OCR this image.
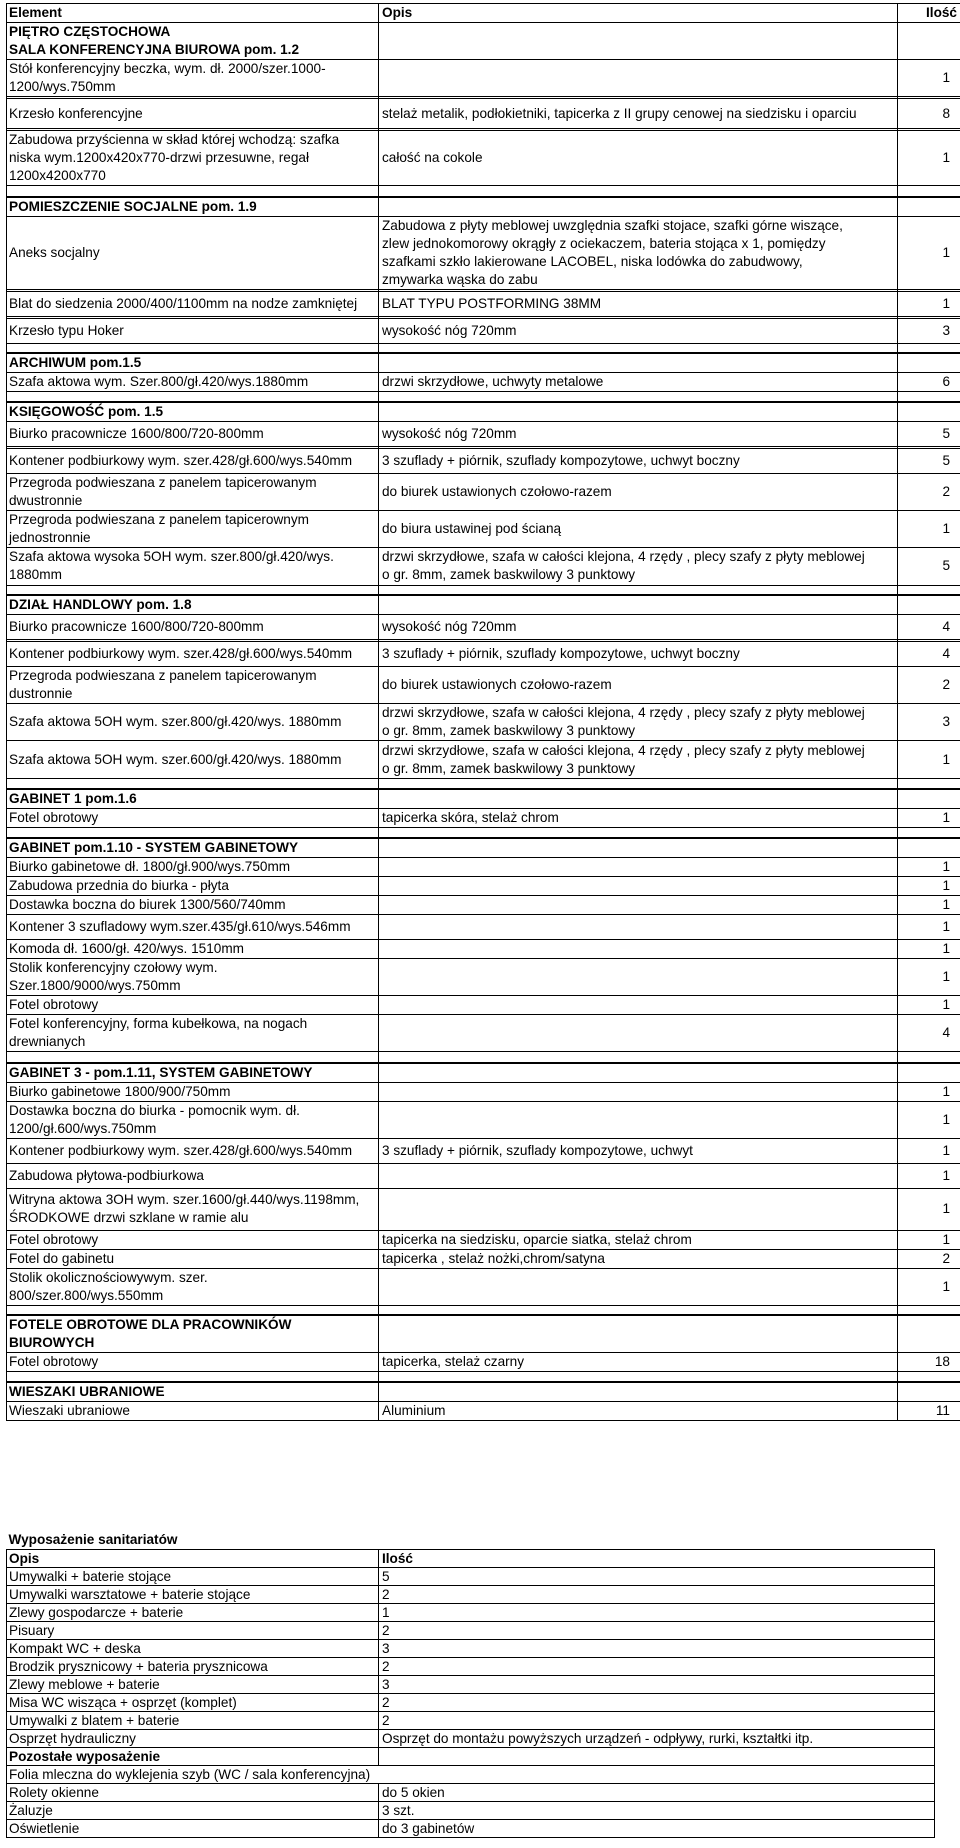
Element	Opis	Ilość
PIĘTRO CZĘSTOCHOWA
SALA KONFERENCYJNA BIUROWA pom. 1.2		
Stół konferencyjny beczka, wym. dł. 2000/szer.1000-
1200/wys.750mm		1

Krzesło konferencyjne	stelaż metalik, podłokietniki, tapicerka z II grupy cenowej na siedzisku i oparciu	8

Zabudowa przyścienna w skład której wchodzą: szafka
niska wym.1200x420x770-drzwi przesuwne, regał
1200x4200x770	całość na cokole	1

POMIESZCZENIE SOCJALNE pom. 1.9		
Aneks socjalny	Zabudowa z płyty meblowej uwzględnia szafki stojace, szafki górne wiszące,
zlew jednokomorowy okrągły z ociekaczem, bateria stojąca x 1, pomiędzy
szafkami szkło lakierowane LACOBEL, niska lodówka do zabudwowy,
zmywarka wąska do zabu	1

Blat do siedzenia 2000/400/1100mm na nodze zamkniętej	BLAT TYPU POSTFORMING 38MM	1

Krzesło typu Hoker	wysokość nóg 720mm	3

ARCHIWUM pom.1.5		
Szafa aktowa wym. Szer.800/gł.420/wys.1880mm	drzwi skrzydłowe, uchwyty metalowe	6

KSIĘGOWOŚĆ pom. 1.5		
Biurko pracownicze 1600/800/720-800mm	wysokość nóg 720mm	5

Kontener podbiurkowy wym. szer.428/gł.600/wys.540mm	3 szuflady + piórnik, szuflady kompozytowe, uchwyt boczny	5
Przegroda podwieszana z panelem tapicerowanym
dwustronnie	do biurek ustawionych czołowo-razem	2
Przegroda podwieszana z panelem tapicerownym
jednostronnie	do biura ustawinej pod ścianą	1
Szafa aktowa wysoka 5OH wym. szer.800/gł.420/wys.
1880mm	drzwi skrzydłowe, szafa w całości klejona, 4 rzędy , plecy szafy z płyty meblowej
o gr. 8mm, zamek baskwilowy 3 punktowy	5

DZIAŁ HANDLOWY pom. 1.8		
Biurko pracownicze 1600/800/720-800mm	wysokość nóg 720mm	4

Kontener podbiurkowy wym. szer.428/gł.600/wys.540mm	3 szuflady + piórnik, szuflady kompozytowe, uchwyt boczny	4
Przegroda podwieszana z panelem tapicerowanym
dustronnie	do biurek ustawionych czołowo-razem	2
Szafa aktowa 5OH wym. szer.800/gł.420/wys. 1880mm	drzwi skrzydłowe, szafa w całości klejona, 4 rzędy , plecy szafy z płyty meblowej
o gr. 8mm, zamek baskwilowy 3 punktowy	3
Szafa aktowa 5OH wym. szer.600/gł.420/wys. 1880mm	drzwi skrzydłowe, szafa w całości klejona, 4 rzędy , plecy szafy z płyty meblowej
o gr. 8mm, zamek baskwilowy 3 punktowy	1

GABINET 1 pom.1.6		
Fotel obrotowy	tapicerka skóra, stelaż chrom	1

GABINET pom.1.10 - SYSTEM GABINETOWY		
Biurko gabinetowe dł. 1800/gł.900/wys.750mm		1
Zabudowa przednia do biurka - płyta		1
Dostawka boczna do biurek 1300/560/740mm		1
Kontener 3 szufladowy wym.szer.435/gł.610/wys.546mm		1
Komoda dł. 1600/gł. 420/wys. 1510mm		1
Stolik konferencyjny czołowy wym.
Szer.1800/9000/wys.750mm		1
Fotel obrotowy		1
Fotel konferencyjny, forma kubełkowa, na nogach
drewnianych		4

GABINET 3 - pom.1.11, SYSTEM GABINETOWY		
Biurko gabinetowe 1800/900/750mm		1
Dostawka boczna do biurka - pomocnik wym. dł.
1200/gł.600/wys.750mm		1
Kontener podbiurkowy wym. szer.428/gł.600/wys.540mm	3 szuflady + piórnik, szuflady kompozytowe, uchwyt	1
Zabudowa płytowa-podbiurkowa		1
Witryna aktowa 3OH wym. szer.1600/gł.440/wys.1198mm,
ŚRODKOWE drzwi szklane w ramie alu		1
Fotel obrotowy	tapicerka na siedzisku, oparcie siatka, stelaż chrom	1
Fotel do gabinetu	tapicerka , stelaż nożki,chrom/satyna	2
Stolik okolicznościowywym. szer.
800/szer.800/wys.550mm		1

FOTELE OBROTOWE DLA PRACOWNIKÓW
BIUROWYCH		
Fotel obrotowy	tapicerka, stelaż czarny	18

WIESZAKI UBRANIOWE		
Wieszaki ubraniowe	Aluminium	11
Wyposażenie sanitariatów	
Opis	Ilość
Umywalki + baterie stojące	5
Umywalki warsztatowe + baterie stojące	2
Zlewy gospodarcze + baterie	1
Pisuary	2
Kompakt WC + deska	3
Brodzik prysznicowy + bateria prysznicowa	2
Zlewy meblowe + baterie	3
Misa WC wisząca + osprzęt (komplet)	2
Umywalki z blatem + baterie	2
Osprzęt hydrauliczny	Osprzęt do montażu powyższych urządzeń - odpływy, rurki, kształtki itp.
Pozostałe wyposażenie	
Folia mleczna do wyklejenia szyb (WC / sala konferencyjna)	
Rolety okienne	do 5 okien
Żaluzje	3 szt.
Oświetlenie	do 3 gabinetów
